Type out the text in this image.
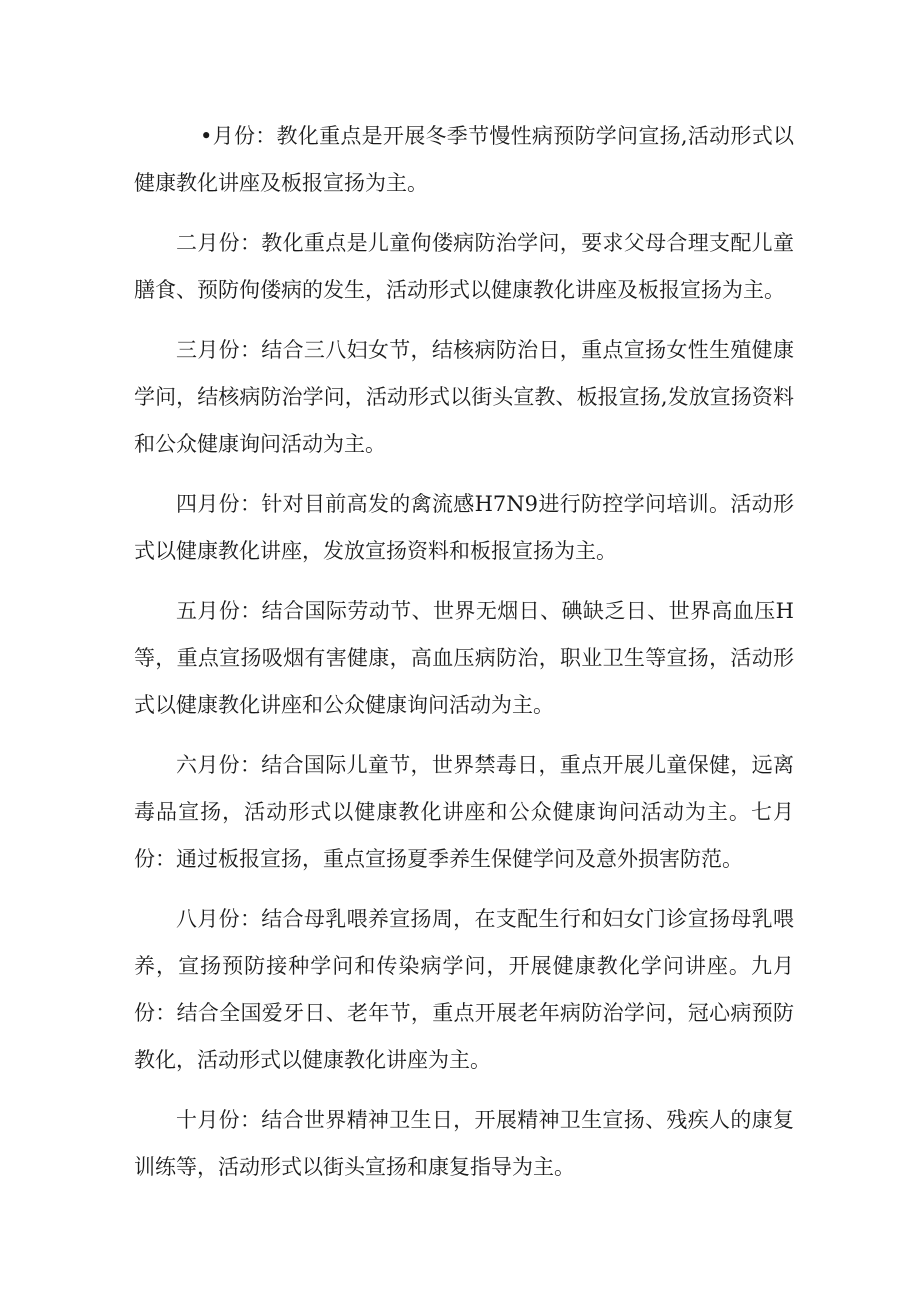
•月份：教化重点是开展冬季节慢性病预防学问宣扬,活动形式以健康教化讲座及板报宣扬为主。

二月份：教化重点是儿童佝偻病防治学问，要求父母合理支配儿童膳食、预防佝偻病的发生，活动形式以健康教化讲座及板报宣扬为主。

三月份：结合三八妇女节，结核病防治日，重点宣扬女性生殖健康学问，结核病防治学问，活动形式以街头宣教、板报宣扬,发放宣扬资料和公众健康询问活动为主。

四月份：针对目前高发的禽流感H7N9进行防控学问培训。活动形式以健康教化讲座，发放宣扬资料和板报宣扬为主。

五月份：结合国际劳动节、世界无烟日、碘缺乏日、世界高血压H等，重点宣扬吸烟有害健康，高血压病防治，职业卫生等宣扬，活动形式以健康教化讲座和公众健康询问活动为主。

六月份：结合国际儿童节，世界禁毒日，重点开展儿童保健，远离毒品宣扬，活动形式以健康教化讲座和公众健康询问活动为主。七月份：通过板报宣扬，重点宣扬夏季养生保健学问及意外损害防范。

八月份：结合母乳喂养宣扬周，在支配生行和妇女门诊宣扬母乳喂养，宣扬预防接种学问和传染病学问，开展健康教化学问讲座。九月份：结合全国爱牙日、老年节，重点开展老年病防治学问，冠心病预防教化，活动形式以健康教化讲座为主。

十月份：结合世界精神卫生日，开展精神卫生宣扬、残疾人的康复训练等，活动形式以街头宣扬和康复指导为主。
